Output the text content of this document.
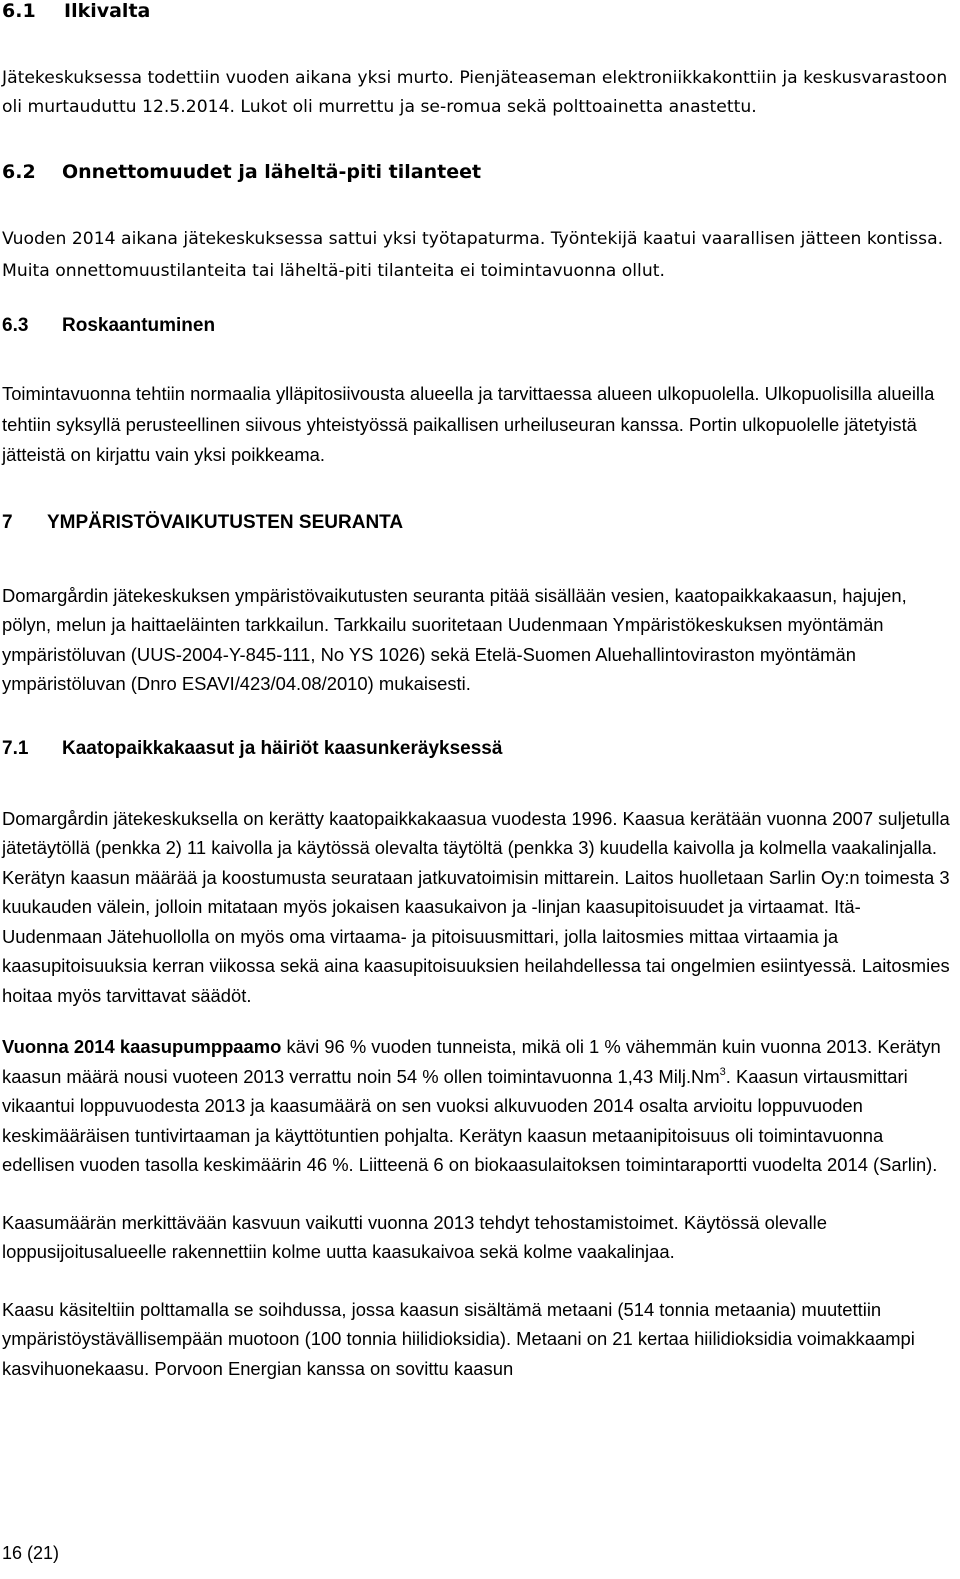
6.1	Ilkivalta

Jätekeskuksessa todettiin vuoden aikana yksi murto. Pienjäteaseman elektroniikkakonttiin ja keskusvarastoon oli murtauduttu 12.5.2014. Lukot oli murrettu ja se-romua sekä polttoainetta anastettu.

6.2	Onnettomuudet ja läheltä-piti tilanteet

Vuoden 2014 aikana jätekeskuksessa sattui yksi työtapaturma. Työntekijä kaatui vaarallisen jätteen kontissa. Muita onnettomuustilanteita tai läheltä-piti tilanteita ei toimintavuonna ollut.

6.3	Roskaantuminen

Toimintavuonna tehtiin normaalia ylläpitosiivousta alueella ja tarvittaessa alueen ulkopuolella. Ulkopuolisilla alueilla tehtiin syksyllä perusteellinen siivous yhteistyössä paikallisen urheiluseuran kanssa. Portin ulkopuolelle jätetyistä jätteistä on kirjattu vain yksi poikkeama.

7	YMPÄRISTÖVAIKUTUSTEN SEURANTA

Domargårdin jätekeskuksen ympäristövaikutusten seuranta pitää sisällään vesien, kaatopaikkakaasun, hajujen, pölyn, melun ja haittaeläinten tarkkailun. Tarkkailu suoritetaan Uudenmaan Ympäristökeskuksen myöntämän ympäristöluvan (UUS-2004-Y-845-111, No YS 1026) sekä Etelä-Suomen Aluehallintoviraston myöntämän ympäristöluvan (Dnro ESAVI/423/04.08/2010) mukaisesti.

7.1	Kaatopaikkakaasut ja häiriöt kaasunkeräyksessä

Domargårdin jätekeskuksella on kerätty kaatopaikkakaasua vuodesta 1996. Kaasua kerätään vuonna 2007 suljetulla jätetäytöllä (penkka 2) 11 kaivolla ja käytössä olevalta täytöltä (penkka 3) kuudella kaivolla ja kolmella vaakalinjalla. Kerätyn kaasun määrää ja koostumusta seurataan jatkuvatoimisin mittarein. Laitos huolletaan Sarlin Oy:n toimesta 3 kuukauden välein, jolloin mitataan myös jokaisen kaasukaivon ja -linjan kaasupitoisuudet ja virtaamat. Itä-Uudenmaan Jätehuollolla on myös oma virtaama- ja pitoisuusmittari, jolla laitosmies mittaa virtaamia ja kaasupitoisuuksia kerran viikossa sekä aina kaasupitoisuuksien heilahdellessa tai ongelmien esiintyessä. Laitosmies hoitaa myös tarvittavat säädöt.

Vuonna 2014 kaasupumppaamo kävi 96 % vuoden tunneista, mikä oli 1 % vähemmän kuin vuonna 2013. Kerätyn kaasun määrä nousi vuoteen 2013 verrattu noin 54 % ollen toimintavuonna 1,43 Milj.Nm$^3$. Kaasun virtausmittari vikaantui loppuvuodesta 2013 ja kaasumäärä on sen vuoksi alkuvuoden 2014 osalta arvioitu loppuvuoden keskimääräisen tuntivirtaaman ja käyttötuntien pohjalta. Kerätyn kaasun metaanipitoisuus oli toimintavuonna edellisen vuoden tasolla keskimäärin 46 %. Liitteenä 6 on biokaasulaitoksen toimintaraportti vuodelta 2014 (Sarlin).

Kaasumäärän merkittävään kasvuun vaikutti vuonna 2013 tehdyt tehostamistoimet. Käytössä olevalle loppusijoitusalueelle rakennettiin kolme uutta kaasukaivoa sekä kolme vaakalinjaa.

Kaasu käsiteltiin polttamalla se soihdussa, jossa kaasun sisältämä metaani (514 tonnia metaania) muutettiin ympäristöystävällisempään muotoon (100 tonnia hiilidioksidia). Metaani on 21 kertaa hiilidioksidia voimakkaampi kasvihuonekaasu. Porvoon Energian kanssa on sovittu kaasun

16 (21)
